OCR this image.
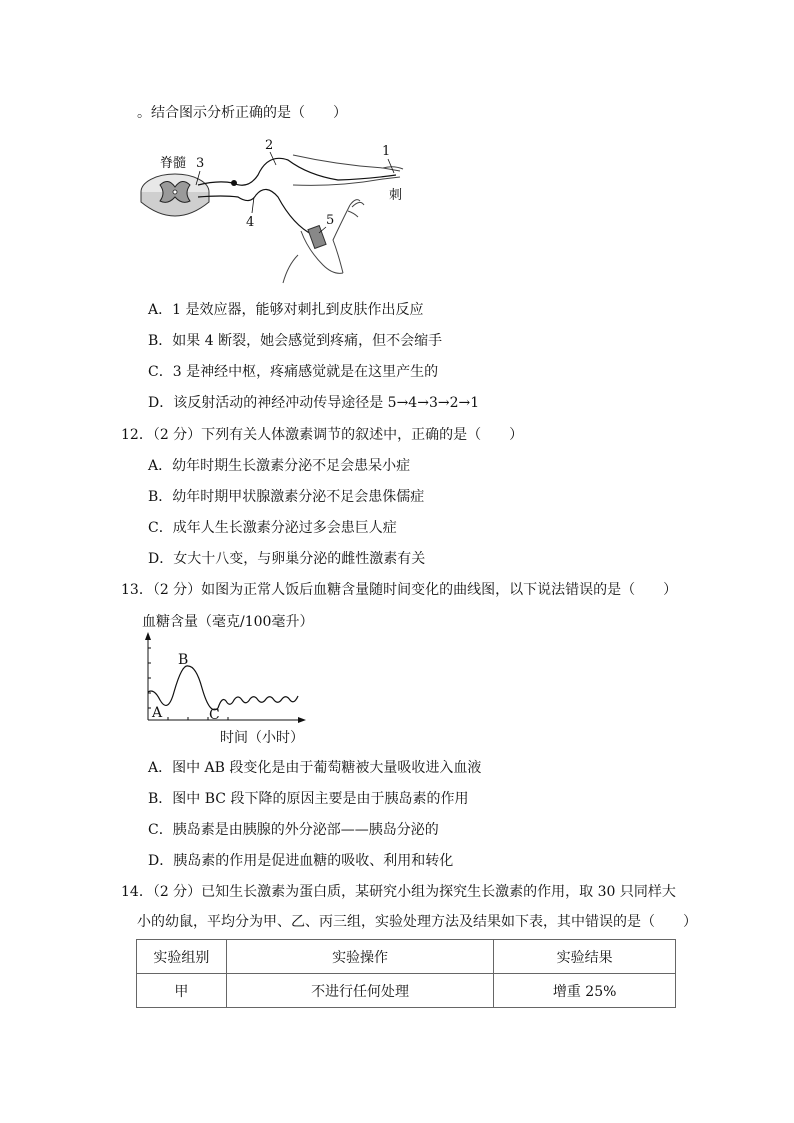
。结合图示分析正确的是（　　）
脊髓 3
2	1
刺
4	5
A．1 是效应器，能够对刺扎到皮肤作出反应
B．如果 4 断裂，她会感觉到疼痛，但不会缩手
C．3 是神经中枢，疼痛感觉就是在这里产生的
D．该反射活动的神经冲动传导途径是 5→4→3→2→1
12．（2 分）下列有关人体激素调节的叙述中，正确的是（　　）
A．幼年时期生长激素分泌不足会患呆小症
B．幼年时期甲状腺激素分泌不足会患侏儒症
C．成年人生长激素分泌过多会患巨人症
D．女大十八变，与卵巢分泌的雌性激素有关
13．（2 分）如图为正常人饭后血糖含量随时间变化的曲线图，以下说法错误的是（　　）
血糖含量（毫克/100毫升）
A
B
C
时间（小时）
A．图中 AB 段变化是由于葡萄糖被大量吸收进入血液
B．图中 BC 段下降的原因主要是由于胰岛素的作用
C．胰岛素是由胰腺的外分泌部——胰岛分泌的
D．胰岛素的作用是促进血糖的吸收、利用和转化
14．（2 分）已知生长激素为蛋白质，某研究小组为探究生长激素的作用，取 30 只同样大
小的幼鼠，平均分为甲、乙、丙三组，实验处理方法及结果如下表，其中错误的是（　　）
实验组别	实验操作	实验结果
甲	不进行任何处理	增重 25%
